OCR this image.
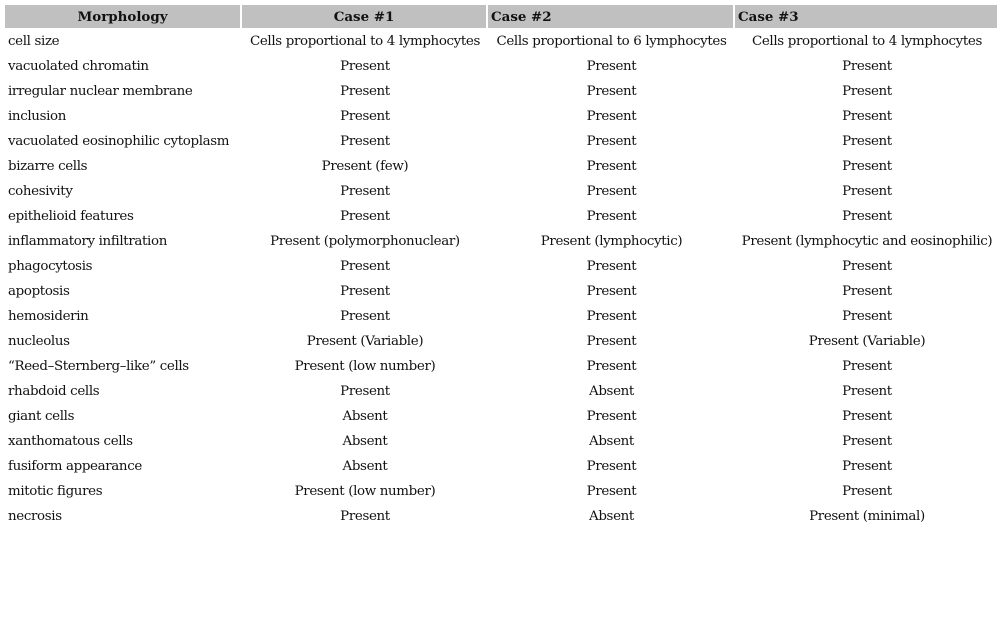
Morphology	Case #1	Case #2	Case #3
cell size	Cells proportional to 4 lymphocytes	Cells proportional to 6 lymphocytes	Cells proportional to 4 lymphocytes
vacuolated chromatin	Present	Present	Present
irregular nuclear membrane	Present	Present	Present
inclusion	Present	Present	Present
vacuolated eosinophilic cytoplasm	Present	Present	Present
bizarre cells	Present (few)	Present	Present
cohesivity	Present	Present	Present
epithelioid features	Present	Present	Present
inflammatory infiltration	Present (polymorphonuclear)	Present (lymphocytic)	Present (lymphocytic and eosinophilic)
phagocytosis	Present	Present	Present
apoptosis	Present	Present	Present
hemosiderin	Present	Present	Present
nucleolus	Present (Variable)	Present	Present (Variable)
“Reed–Sternberg–like” cells	Present (low number)	Present	Present
rhabdoid cells	Present	Absent	Present
giant cells	Absent	Present	Present
xanthomatous cells	Absent	Absent	Present
fusiform appearance	Absent	Present	Present
mitotic figures	Present (low number)	Present	Present
necrosis	Present	Absent	Present (minimal)
